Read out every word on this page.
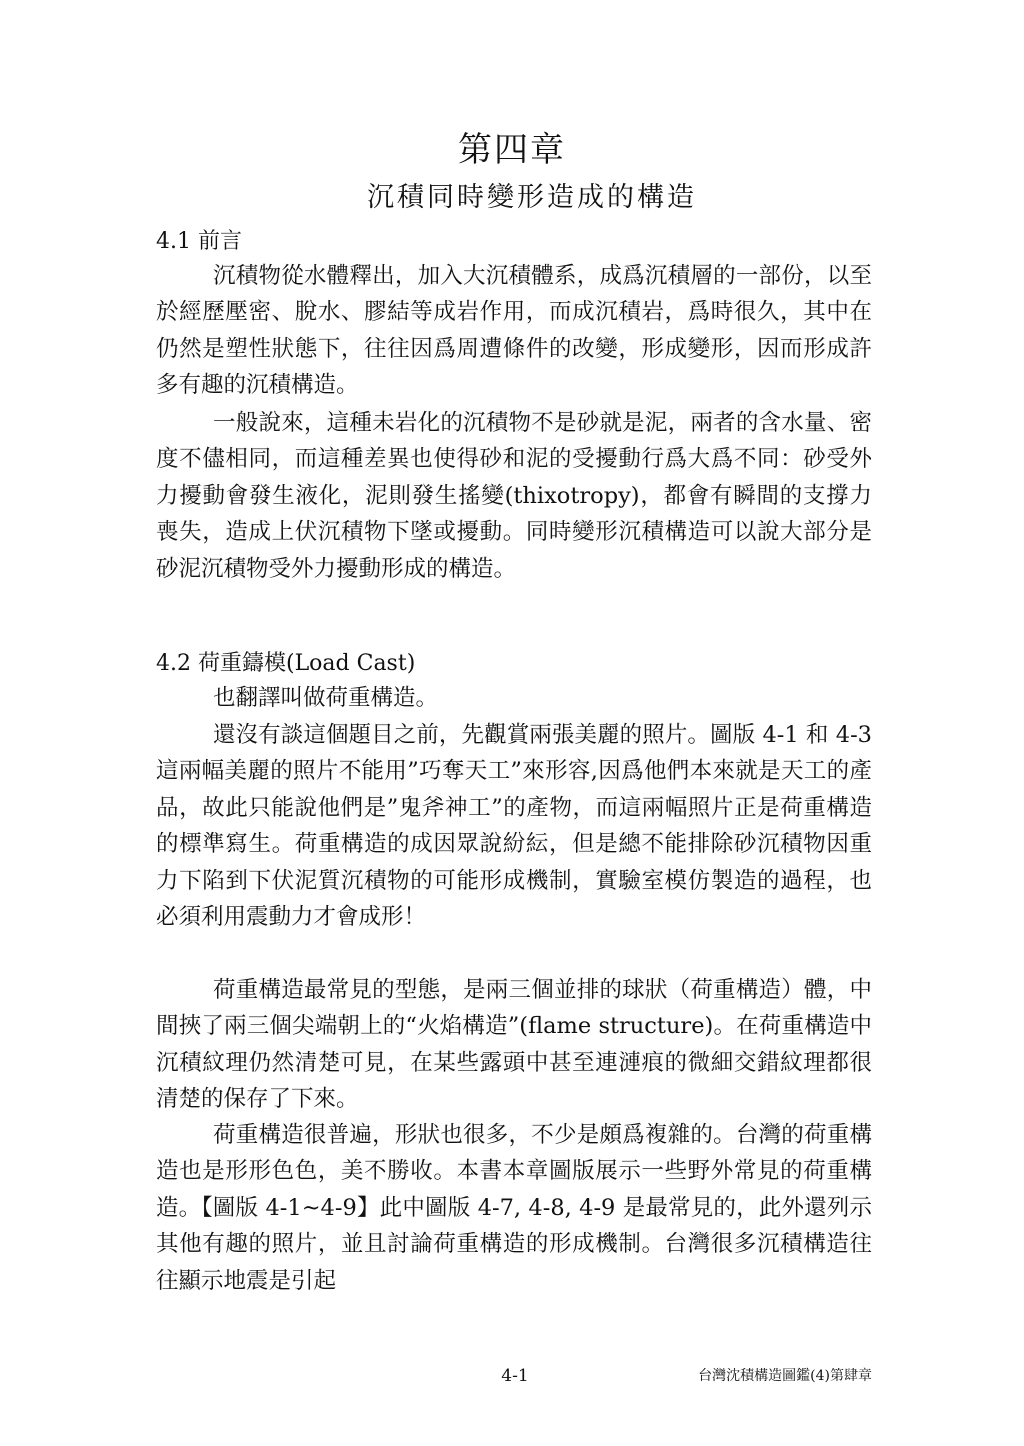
第四章
沉積同時變形造成的構造
4.1 前言

沉積物從水體釋出，加入大沉積體系，成爲沉積層的一部份，以至於經歷壓密、脫水、膠結等成岩作用，而成沉積岩，爲時很久，其中在仍然是塑性狀態下，往往因爲周遭條件的改變，形成變形，因而形成許多有趣的沉積構造。

一般說來，這種未岩化的沉積物不是砂就是泥，兩者的含水量、密度不儘相同，而這種差異也使得砂和泥的受擾動行爲大爲不同：砂受外力擾動會發生液化，泥則發生搖變(thixotropy)，都會有瞬間的支撐力喪失，造成上伏沉積物下墜或擾動。同時變形沉積構造可以說大部分是砂泥沉積物受外力擾動形成的構造。

4.2 荷重鑄模(Load Cast)

也翻譯叫做荷重構造。

還沒有談這個題目之前，先觀賞兩張美麗的照片。圖版 4-1 和 4-3 這兩幅美麗的照片不能用”巧奪天工”來形容,因爲他們本來就是天工的產品，故此只能說他們是”鬼斧神工”的產物，而這兩幅照片正是荷重構造的標準寫生。荷重構造的成因眾說紛紜，但是總不能排除砂沉積物因重力下陷到下伏泥質沉積物的可能形成機制，實驗室模仿製造的過程，也必須利用震動力才會成形！

荷重構造最常見的型態，是兩三個並排的球狀（荷重構造）體，中間挾了兩三個尖端朝上的“火焰構造”(flame structure)。在荷重構造中沉積紋理仍然清楚可見，在某些露頭中甚至連漣痕的微細交錯紋理都很清楚的保存了下來。

荷重構造很普遍，形狀也很多，不少是頗爲複雜的。台灣的荷重構造也是形形色色，美不勝收。本書本章圖版展示一些野外常見的荷重構造。【圖版 4-1~4-9】此中圖版 4-7, 4-8, 4-9 是最常見的，此外還列示其他有趣的照片，並且討論荷重構造的形成機制。台灣很多沉積構造往往顯示地震是引起

4-1	台灣沈積構造圖鑑(4)第肆章
